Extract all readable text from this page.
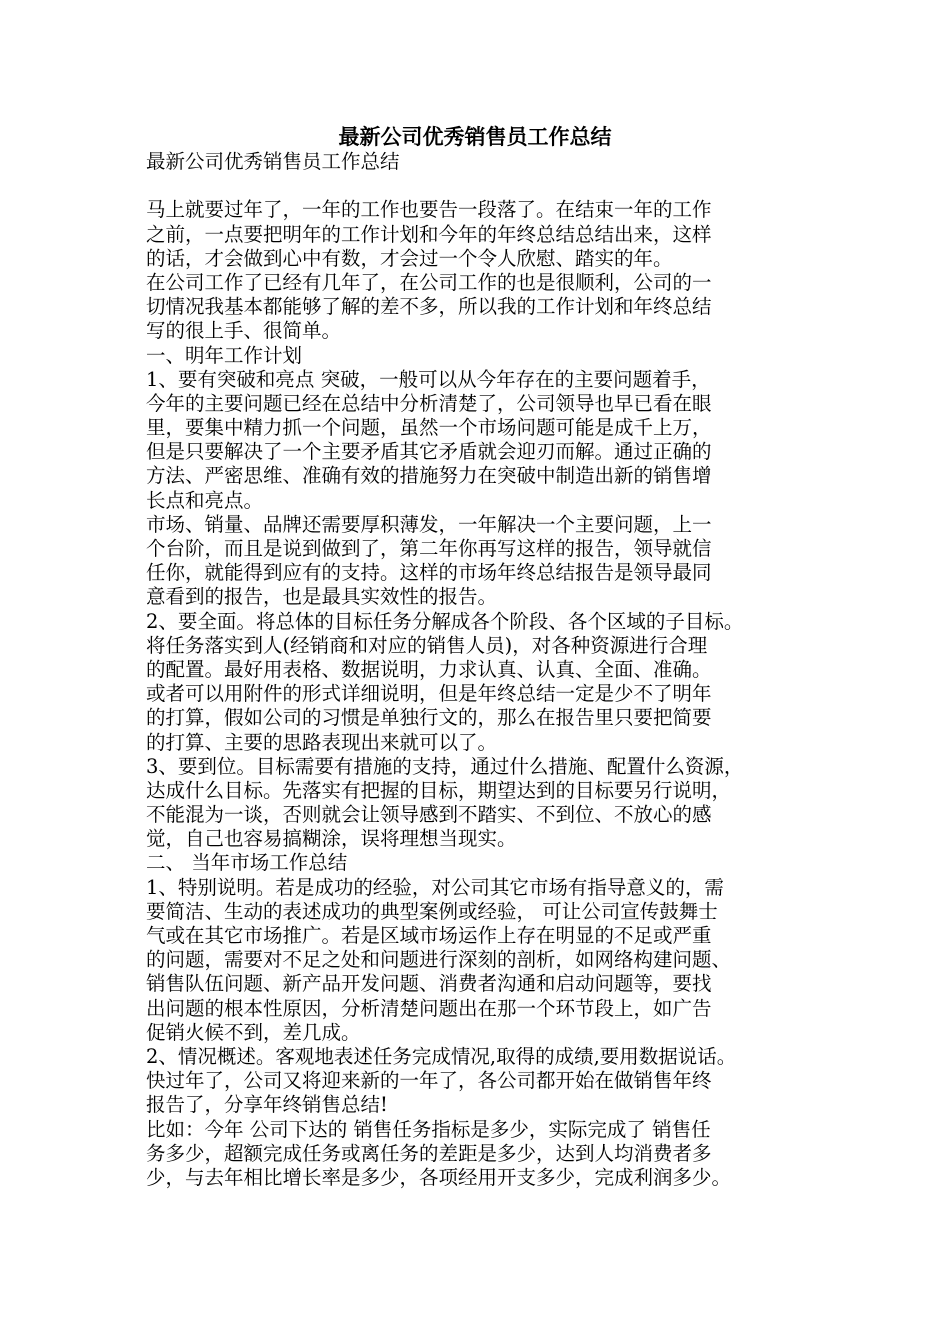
最新公司优秀销售员工作总结
最新公司优秀销售员工作总结
马上就要过年了，一年的工作也要告一段落了。在结束一年的工作
之前，一点要把明年的工作计划和今年的年终总结总结出来，这样
的话，才会做到心中有数，才会过一个令人欣慰、踏实的年。
在公司工作了已经有几年了，在公司工作的也是很顺利，公司的一
切情况我基本都能够了解的差不多，所以我的工作计划和年终总结
写的很上手、很简单。
一、明年工作计划
1、要有突破和亮点 突破，一般可以从今年存在的主要问题着手，
今年的主要问题已经在总结中分析清楚了，公司领导也早已看在眼
里，要集中精力抓一个问题，虽然一个市场问题可能是成千上万，
但是只要解决了一个主要矛盾其它矛盾就会迎刃而解。通过正确的
方法、严密思维、准确有效的措施努力在突破中制造出新的销售增
长点和亮点。
市场、销量、品牌还需要厚积薄发，一年解决一个主要问题，上一
个台阶，而且是说到做到了，第二年你再写这样的报告，领导就信
任你，就能得到应有的支持。这样的市场年终总结报告是领导最同
意看到的报告，也是最具实效性的报告。
2、要全面。将总体的目标任务分解成各个阶段、各个区域的子目标。
将任务落实到人(经销商和对应的销售人员)，对各种资源进行合理
的配置。最好用表格、数据说明，力求认真、认真、全面、准确。
或者可以用附件的形式详细说明，但是年终总结一定是少不了明年
的打算，假如公司的习惯是单独行文的，那么在报告里只要把简要
的打算、主要的思路表现出来就可以了。
3、要到位。目标需要有措施的支持，通过什么措施、配置什么资源，
达成什么目标。先落实有把握的目标，期望达到的目标要另行说明，
不能混为一谈，否则就会让领导感到不踏实、不到位、不放心的感
觉，自己也容易搞糊涂，误将理想当现实。
二、 当年市场工作总结
1、特别说明。若是成功的经验，对公司其它市场有指导意义的，需
要简洁、生动的表述成功的典型案例或经验， 可让公司宣传鼓舞士
气或在其它市场推广。若是区域市场运作上存在明显的不足或严重
的问题，需要对不足之处和问题进行深刻的剖析，如网络构建问题、
销售队伍问题、新产品开发问题、消费者沟通和启动问题等，要找
出问题的根本性原因，分析清楚问题出在那一个环节段上，如广告
促销火候不到，差几成。
2、情况概述。客观地表述任务完成情况,取得的成绩,要用数据说话。
快过年了，公司又将迎来新的一年了，各公司都开始在做销售年终
报告了，分享年终销售总结!
比如：今年 公司下达的 销售任务指标是多少，实际完成了 销售任
务多少，超额完成任务或离任务的差距是多少，达到人均消费者多
少，与去年相比增长率是多少，各项经用开支多少，完成利润多少。
